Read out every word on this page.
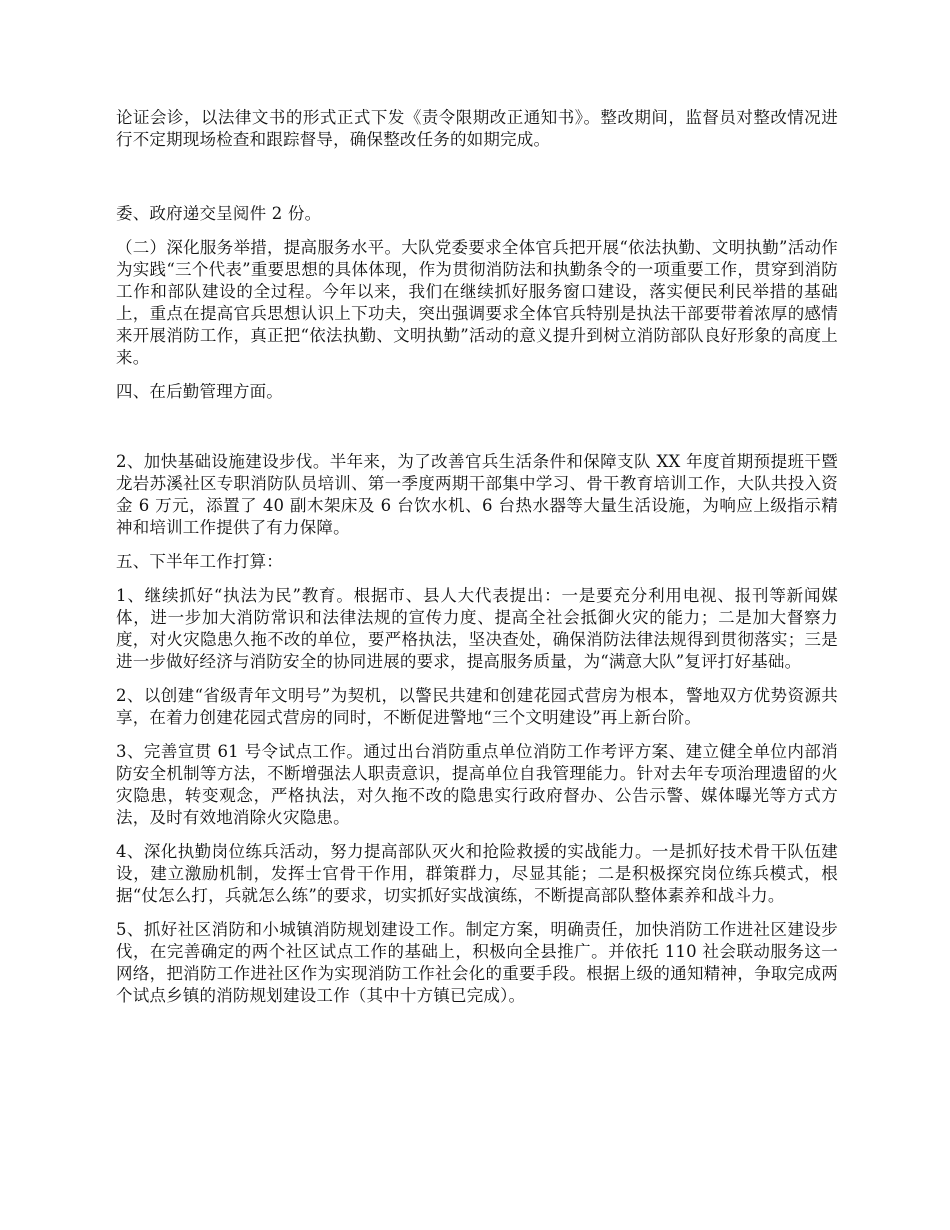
论证会诊，以法律文书的形式正式下发《责令限期改正通知书》。整改期间，监督员对整改情况进行不定期现场检查和跟踪督导，确保整改任务的如期完成。

委、政府递交呈阅件 2 份。

（二）深化服务举措，提高服务水平。大队党委要求全体官兵把开展“依法执勤、文明执勤”活动作为实践“三个代表”重要思想的具体体现，作为贯彻消防法和执勤条令的一项重要工作，贯穿到消防工作和部队建设的全过程。今年以来，我们在继续抓好服务窗口建设，落实便民利民举措的基础上，重点在提高官兵思想认识上下功夫，突出强调要求全体官兵特别是执法干部要带着浓厚的感情来开展消防工作，真正把“依法执勤、文明执勤”活动的意义提升到树立消防部队良好形象的高度上来。

四、在后勤管理方面。

2、加快基础设施建设步伐。半年来，为了改善官兵生活条件和保障支队 XX 年度首期预提班干暨龙岩苏溪社区专职消防队员培训、第一季度两期干部集中学习、骨干教育培训工作，大队共投入资金 6 万元，添置了 40 副木架床及 6 台饮水机、6 台热水器等大量生活设施，为响应上级指示精神和培训工作提供了有力保障。

五、下半年工作打算：

1、继续抓好“执法为民”教育。根据市、县人大代表提出：一是要充分利用电视、报刊等新闻媒体，进一步加大消防常识和法律法规的宣传力度、提高全社会抵御火灾的能力；二是加大督察力度，对火灾隐患久拖不改的单位，要严格执法，坚决查处，确保消防法律法规得到贯彻落实；三是进一步做好经济与消防安全的协同进展的要求，提高服务质量，为“满意大队”复评打好基础。

2、以创建“省级青年文明号”为契机，以警民共建和创建花园式营房为根本，警地双方优势资源共享，在着力创建花园式营房的同时，不断促进警地“三个文明建设”再上新台阶。

3、完善宣贯 61 号令试点工作。通过出台消防重点单位消防工作考评方案、建立健全单位内部消防安全机制等方法，不断增强法人职责意识，提高单位自我管理能力。针对去年专项治理遗留的火灾隐患，转变观念，严格执法，对久拖不改的隐患实行政府督办、公告示警、媒体曝光等方式方法，及时有效地消除火灾隐患。

4、深化执勤岗位练兵活动，努力提高部队灭火和抢险救援的实战能力。一是抓好技术骨干队伍建设，建立激励机制，发挥士官骨干作用，群策群力，尽显其能；二是积极探究岗位练兵模式，根据“仗怎么打，兵就怎么练”的要求，切实抓好实战演练，不断提高部队整体素养和战斗力。

5、抓好社区消防和小城镇消防规划建设工作。制定方案，明确责任，加快消防工作进社区建设步伐，在完善确定的两个社区试点工作的基础上，积极向全县推广。并依托 110 社会联动服务这一网络，把消防工作进社区作为实现消防工作社会化的重要手段。根据上级的通知精神，争取完成两个试点乡镇的消防规划建设工作（其中十方镇已完成）。
